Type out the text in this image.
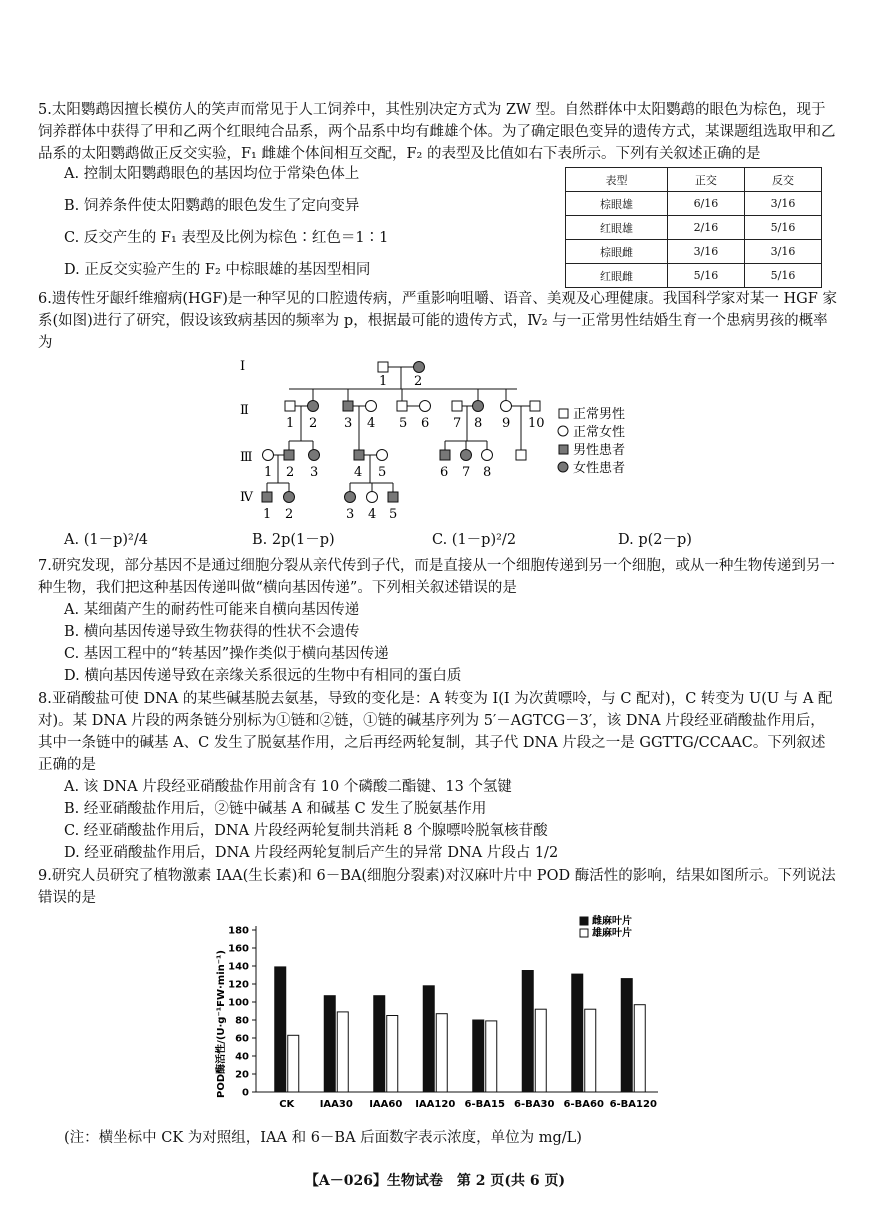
5.太阳鹦鹉因擅长模仿人的笑声而常见于人工饲养中，其性别决定方式为 ZW 型。自然群体中太阳鹦鹉的眼色为棕色，现于饲养群体中获得了甲和乙两个红眼纯合品系，两个品系中均有雌雄个体。为了确定眼色变异的遗传方式，某课题组选取甲和乙品系的太阳鹦鹉做正反交实验，F₁ 雌雄个体间相互交配，F₂ 的表型及比值如右下表所示。下列有关叙述正确的是

A. 控制太阳鹦鹉眼色的基因均位于常染色体上
B. 饲养条件使太阳鹦鹉的眼色发生了定向变异
C. 反交产生的 F₁ 表型及比例为棕色∶红色＝1∶1
D. 正反交实验产生的 F₂ 中棕眼雄的基因型相同
表型	正交	反交
棕眼雄	6/16	3/16
红眼雄	2/16	5/16
棕眼雌	3/16	3/16
红眼雌	5/16	5/16

6.遗传性牙龈纤维瘤病(HGF)是一种罕见的口腔遗传病，严重影响咀嚼、语音、美观及心理健康。我国科学家对某一 HGF 家系(如图)进行了研究，假设该致病基因的频率为 p，根据最可能的遗传方式，Ⅳ₂ 与一正常男性结婚生育一个患病男孩的概率为

Ⅰ
Ⅱ
Ⅲ
Ⅳ
1 2
1 2 3 4 5 6 7 8 9 10
1 2 3	4 5	6 7 8
1 2	3 4 5
正常男性
正常女性
男性患者
女性患者
A. (1－p)²/4	B. 2p(1－p)	C. (1－p)²/2	D. p(2－p)

7.研究发现，部分基因不是通过细胞分裂从亲代传到子代，而是直接从一个细胞传递到另一个细胞，或从一种生物传递到另一种生物，我们把这种基因传递叫做“横向基因传递”。下列相关叙述错误的是

A. 某细菌产生的耐药性可能来自横向基因传递
B. 横向基因传递导致生物获得的性状不会遗传
C. 基因工程中的“转基因”操作类似于横向基因传递
D. 横向基因传递导致在亲缘关系很远的生物中有相同的蛋白质

8.亚硝酸盐可使 DNA 的某些碱基脱去氨基，导致的变化是：A 转变为 I(I 为次黄嘌呤，与 C 配对)，C 转变为 U(U 与 A 配对)。某 DNA 片段的两条链分别标为①链和②链，①链的碱基序列为 5′－AGTCG－3′，该 DNA 片段经亚硝酸盐作用后，其中一条链中的碱基 A、C 发生了脱氨基作用，之后再经两轮复制，其子代 DNA 片段之一是 GGTTG/CCAAC。下列叙述正确的是

A. 该 DNA 片段经亚硝酸盐作用前含有 10 个磷酸二酯键、13 个氢键
B. 经亚硝酸盐作用后，②链中碱基 A 和碱基 C 发生了脱氨基作用
C. 经亚硝酸盐作用后，DNA 片段经两轮复制共消耗 8 个腺嘌呤脱氧核苷酸
D. 经亚硝酸盐作用后，DNA 片段经两轮复制后产生的异常 DNA 片段占 1/2

9.研究人员研究了植物激素 IAA(生长素)和 6－BA(细胞分裂素)对汉麻叶片中 POD 酶活性的影响，结果如图所示。下列说法错误的是

POD酶活性/(U·g⁻¹FW·min⁻¹) 0
20
40
60
80
100
120
140
160
180
CK	IAA30 IAA60 IAA120 6-BA15 6-BA30 6-BA60 6-BA120
雌麻叶片
雄麻叶片
(注：横坐标中 CK 为对照组，IAA 和 6－BA 后面数字表示浓度，单位为 mg/L)
【A－026】生物试卷　第 2 页(共 6 页)
